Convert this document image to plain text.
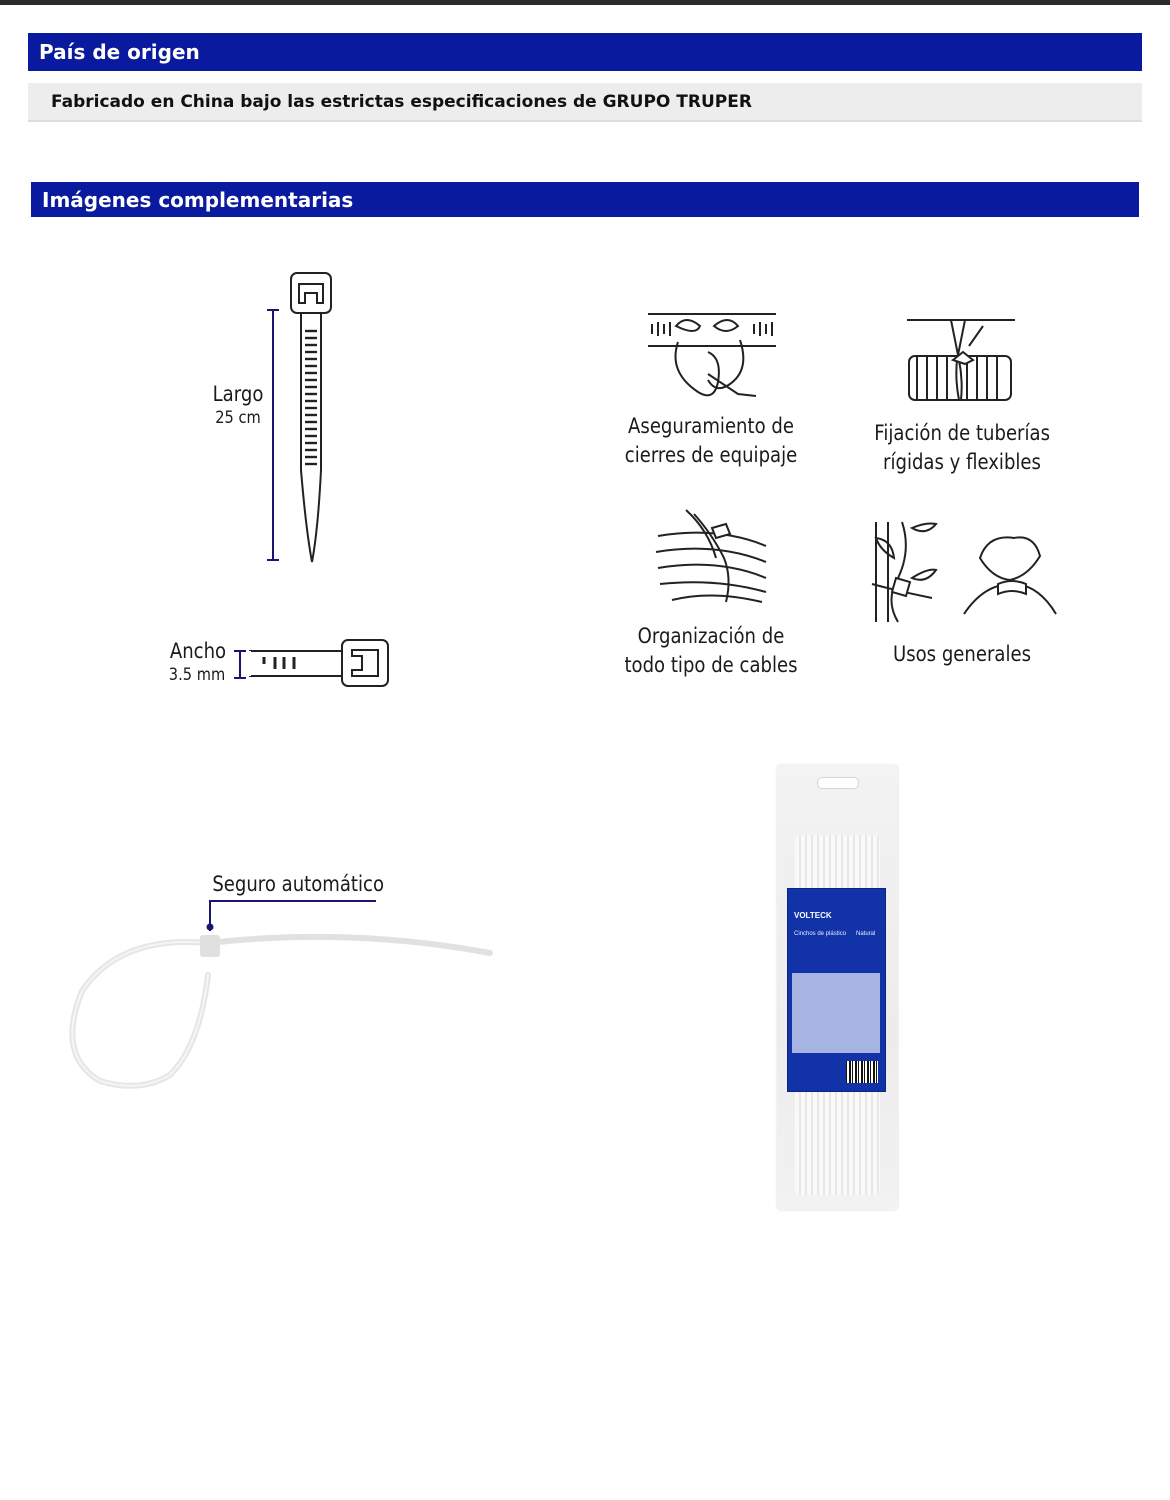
País de origen
Fabricado en China bajo las estrictas especificaciones de GRUPO TRUPER
Imágenes complementarias
Largo
25 cm
Ancho
3.5 mm
Aseguramiento de
cierres de equipaje
Fijación de tuberías
rígidas y flexibles
Organización de
todo tipo de cables	Usos generales
Seguro automático
VOLTECK
Cinchos de plástico Natural
